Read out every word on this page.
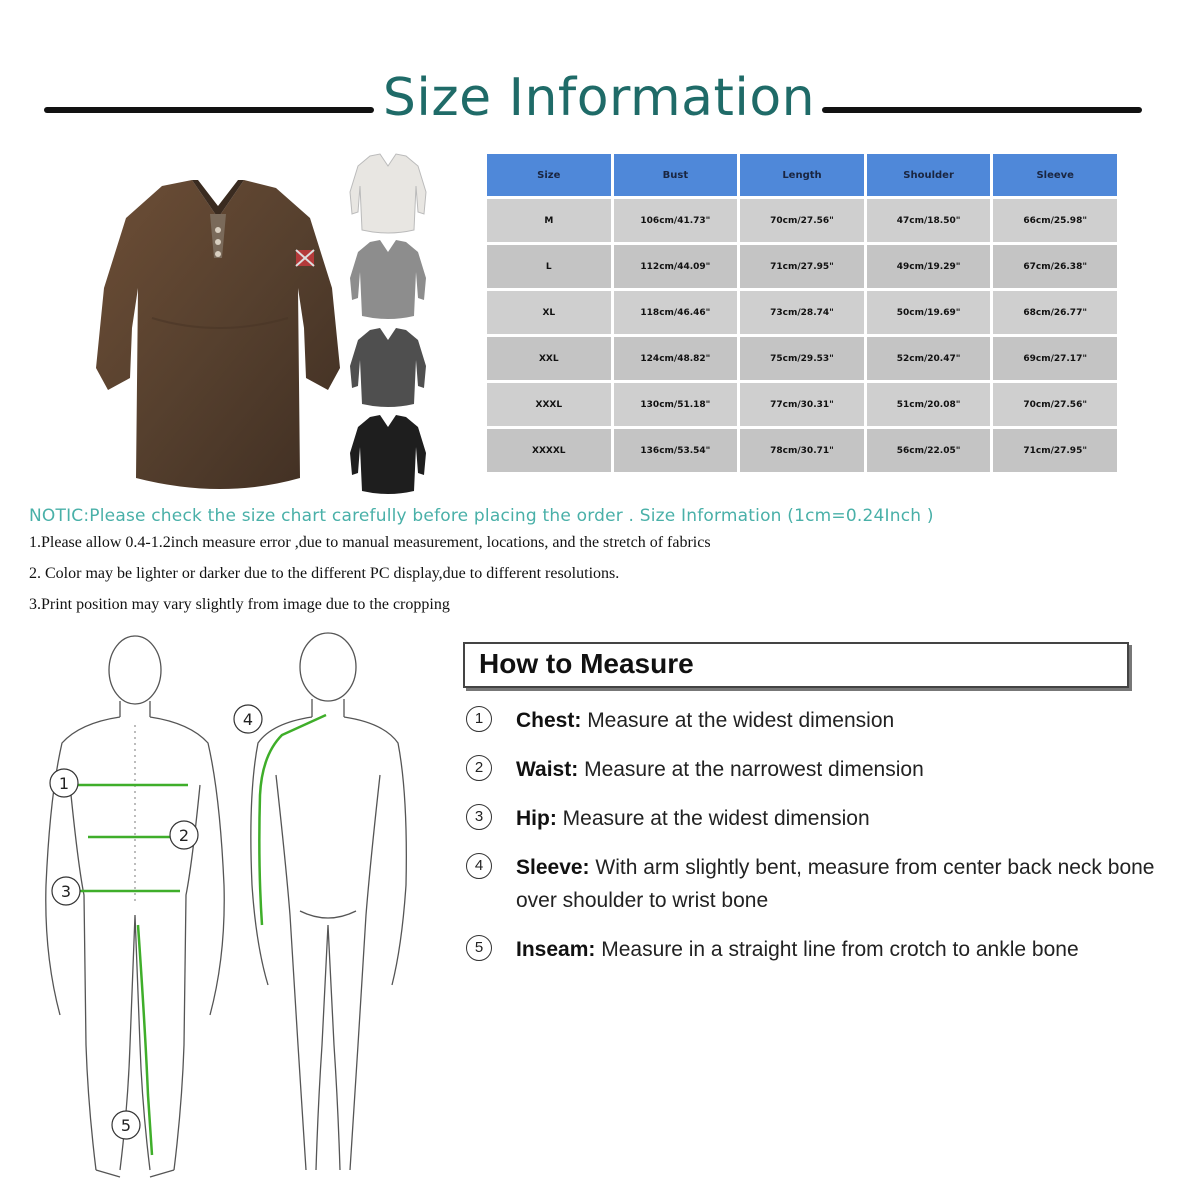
Size Information
Size	Bust	Length	Shoulder	Sleeve
M	106cm/41.73"	70cm/27.56"	47cm/18.50"	66cm/25.98"
L	112cm/44.09"	71cm/27.95"	49cm/19.29"	67cm/26.38"
XL	118cm/46.46"	73cm/28.74"	50cm/19.69"	68cm/26.77"
XXL	124cm/48.82"	75cm/29.53"	52cm/20.47"	69cm/27.17"
XXXL	130cm/51.18"	77cm/30.31"	51cm/20.08"	70cm/27.56"
XXXXL	136cm/53.54"	78cm/30.71"	56cm/22.05"	71cm/27.95"
NOTIC:Please check the size chart carefully before placing the order . Size Information (1cm=0.24Inch )
1.Please allow 0.4-1.2inch measure error ,due to manual measurement, locations, and the stretch of fabrics
2. Color may be lighter or darker due to the different PC display,due to different resolutions.
3.Print position may vary slightly from image due to the cropping
1
2
3
4
5
How to Measure
1	Chest: Measure at the widest dimension
2	Waist: Measure at the narrowest dimension
3	Hip: Measure at the widest dimension
4	Sleeve: With arm slightly bent, measure from center back neck bone over shoulder to wrist bone
5	Inseam: Measure in a straight line from crotch to ankle bone
